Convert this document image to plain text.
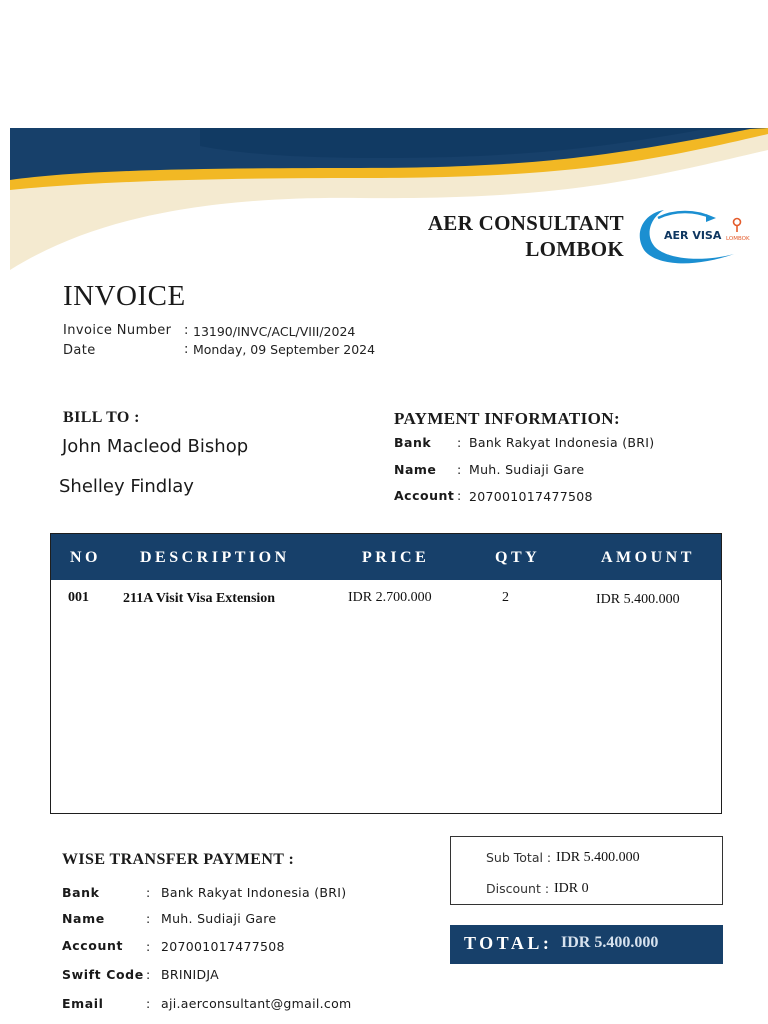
AER CONSULTANT
LOMBOK
AER VISA LOMBOK
INVOICE
Invoice Number : 13190/INVC/ACL/VIII/2024
Date	: Monday, 09 September 2024
BILL TO :
John Macleod Bishop
Shelley Findlay
PAYMENT INFORMATION:
Bank : Bank Rakyat Indonesia (BRI)
Name : Muh. Sudiaji Gare
Account : 207001017477508
NO DESCRIPTION	PRICE	QTY	AMOUNT
001 211A Visit Visa Extension	IDR 2.700.000	2	IDR 5.400.000
WISE TRANSFER PAYMENT :
Bank	: Bank Rakyat Indonesia (BRI)
Name	: Muh. Sudiaji Gare
Account : 207001017477508
Swift Code : BRINIDJA
Email	: aji.aerconsultant@gmail.com
Sub Total : IDR 5.400.000
Discount : IDR 0
TOTAL: IDR 5.400.000
